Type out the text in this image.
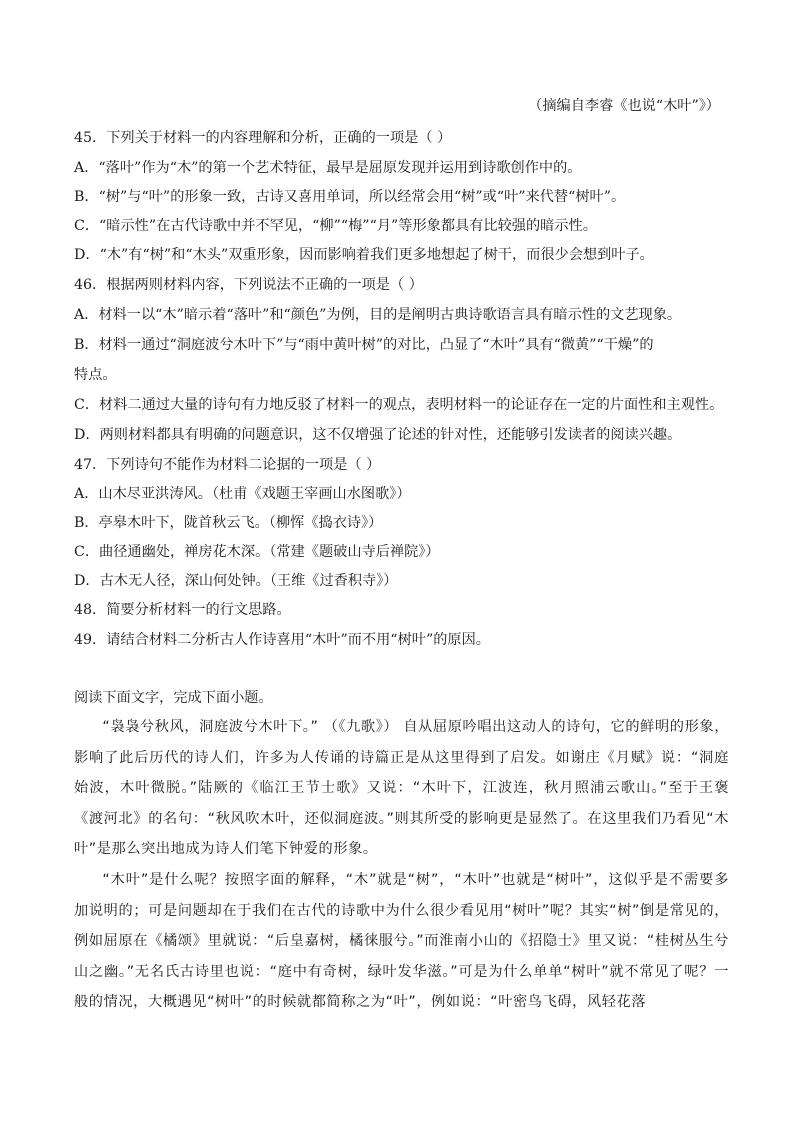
（摘编自李睿《也说“木叶”》）
45．下列关于材料一的内容理解和分析，正确的一项是（ ）
A．“落叶”作为“木”的第一个艺术特征，最早是屈原发现并运用到诗歌创作中的。
B．“树”与“叶”的形象一致，古诗又喜用单词，所以经常会用“树”或“叶”来代替“树叶”。
C．“暗示性”在古代诗歌中并不罕见，“柳”“梅”“月”等形象都具有比较强的暗示性。
D．“木”有“树”和“木头”双重形象，因而影响着我们更多地想起了树干，而很少会想到叶子。
46．根据两则材料内容，下列说法不正确的一项是（ ）
A．材料一以“木”暗示着“落叶”和“颜色”为例，目的是阐明古典诗歌语言具有暗示性的文艺现象。
B．材料一通过“洞庭波兮木叶下”与“雨中黄叶树”的对比，凸显了“木叶”具有“微黄”“干燥”的
特点。
C．材料二通过大量的诗句有力地反驳了材料一的观点，表明材料一的论证存在一定的片面性和主观性。
D．两则材料都具有明确的问题意识，这不仅增强了论述的针对性，还能够引发读者的阅读兴趣。
47．下列诗句不能作为材料二论据的一项是（ ）
A．山木尽亚洪涛风。（杜甫《戏题王宰画山水图歌》）
B．亭皋木叶下，陇首秋云飞。（柳恽《捣衣诗》）
C．曲径通幽处，禅房花木深。（常建《题破山寺后禅院》）
D．古木无人径，深山何处钟。（王维《过香积寺》）
48．简要分析材料一的行文思路。
49．请结合材料二分析古人作诗喜用“木叶”而不用“树叶”的原因。
阅读下面文字，完成下面小题。

“袅袅兮秋风，洞庭波兮木叶下。” （《九歌》） 自从屈原吟唱出这动人的诗句，它的鲜明的形象，影响了此后历代的诗人们，许多为人传诵的诗篇正是从这里得到了启发。如谢庄《月赋》说：“洞庭始波，木叶微脱。”陆厥的《临江王节士歌》又说：“木叶下，江波连，秋月照浦云歌山。”至于王褒《渡河北》的名句：“秋风吹木叶，还似洞庭波。”则其所受的影响更是显然了。在这里我们乃看见“木叶”是那么突出地成为诗人们笔下钟爱的形象。

“木叶”是什么呢？按照字面的解释，“木”就是“树”，“木叶”也就是“树叶”，这似乎是不需要多加说明的；可是问题却在于我们在古代的诗歌中为什么很少看见用“树叶”呢？其实“树”倒是常见的，例如屈原在《橘颂》里就说：“后皇嘉树，橘徕服兮。”而淮南小山的《招隐士》里又说：“桂树丛生兮山之幽。”无名氏古诗里也说：“庭中有奇树，绿叶发华滋。”可是为什么单单“树叶”就不常见了呢？一般的情况，大概遇见“树叶”的时候就都简称之为“叶”，例如说：“叶密鸟飞碍，风轻花落
